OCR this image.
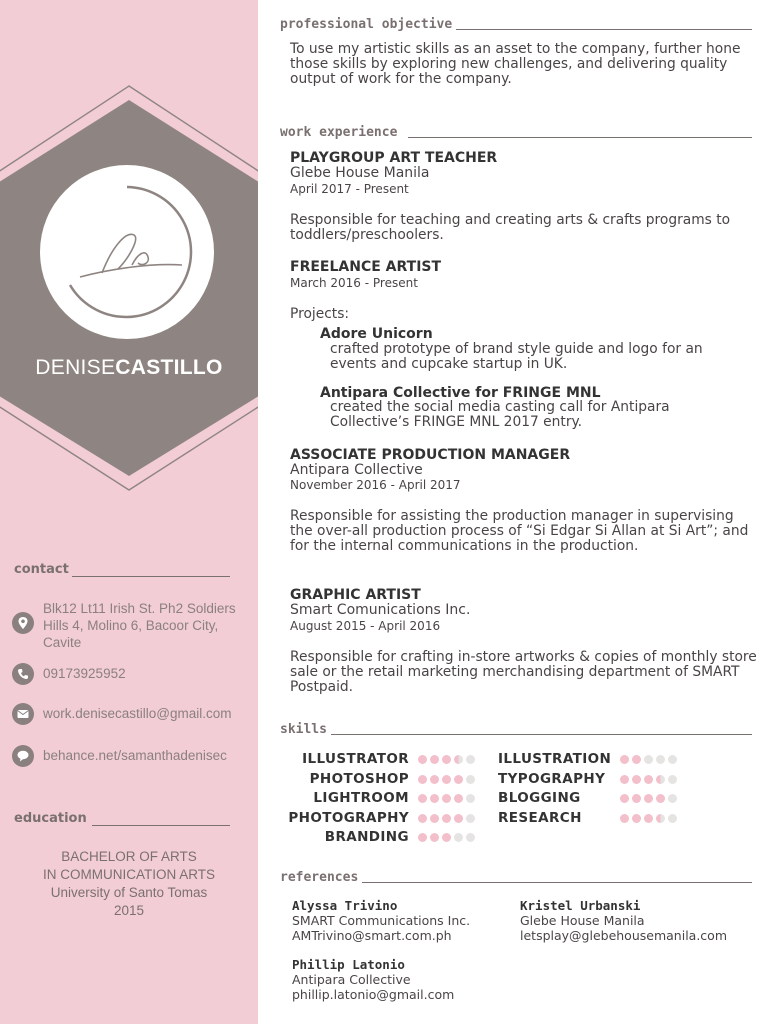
DENISECASTILLO
contact
Blk12 Lt11 Irish St. Ph2 Soldiers
Hills 4, Molino 6, Bacoor City,
Cavite
09173925952
work.denisecastillo@gmail.com
behance.net/samanthadenisec
education
BACHELOR OF ARTS
IN COMMUNICATION ARTS
University of Santo Tomas
2015
professional objective
To use my artistic skills as an asset to the company, further hone those skills by exploring new challenges, and delivering quality output of work for the company.
work experience
PLAYGROUP ART TEACHER
Glebe House Manila
April 2017 - Present
Responsible for teaching and creating arts & crafts programs to toddlers/preschoolers.
FREELANCE ARTIST
March 2016 - Present
Projects:
Adore Unicorn
crafted prototype of brand style guide and logo for an events and cupcake startup in UK.
Antipara Collective for FRINGE MNL
created the social media casting call for Antipara Collective’s FRINGE MNL 2017 entry.
ASSOCIATE PRODUCTION MANAGER
Antipara Collective
November 2016 - April 2017
Responsible for assisting the production manager in supervising the over-all production process of “Si Edgar Si Allan at Si Art”; and for the internal communications in the production.
GRAPHIC ARTIST
Smart Comunications Inc.
August 2015 - April 2016
Responsible for crafting in-store artworks & copies of monthly store sale or the retail marketing merchandising department of SMART Postpaid.
skills
ILLUSTRATOR
PHOTOSHOP
LIGHTROOM
PHOTOGRAPHY
BRANDING
ILLUSTRATION
TYPOGRAPHY
BLOGGING
RESEARCH
references
Alyssa Trivino
SMART Communications Inc.
AMTrivino@smart.com.ph
Kristel Urbanski
Glebe House Manila
letsplay@glebehousemanila.com
Phillip Latonio
Antipara Collective
phillip.latonio@gmail.com
